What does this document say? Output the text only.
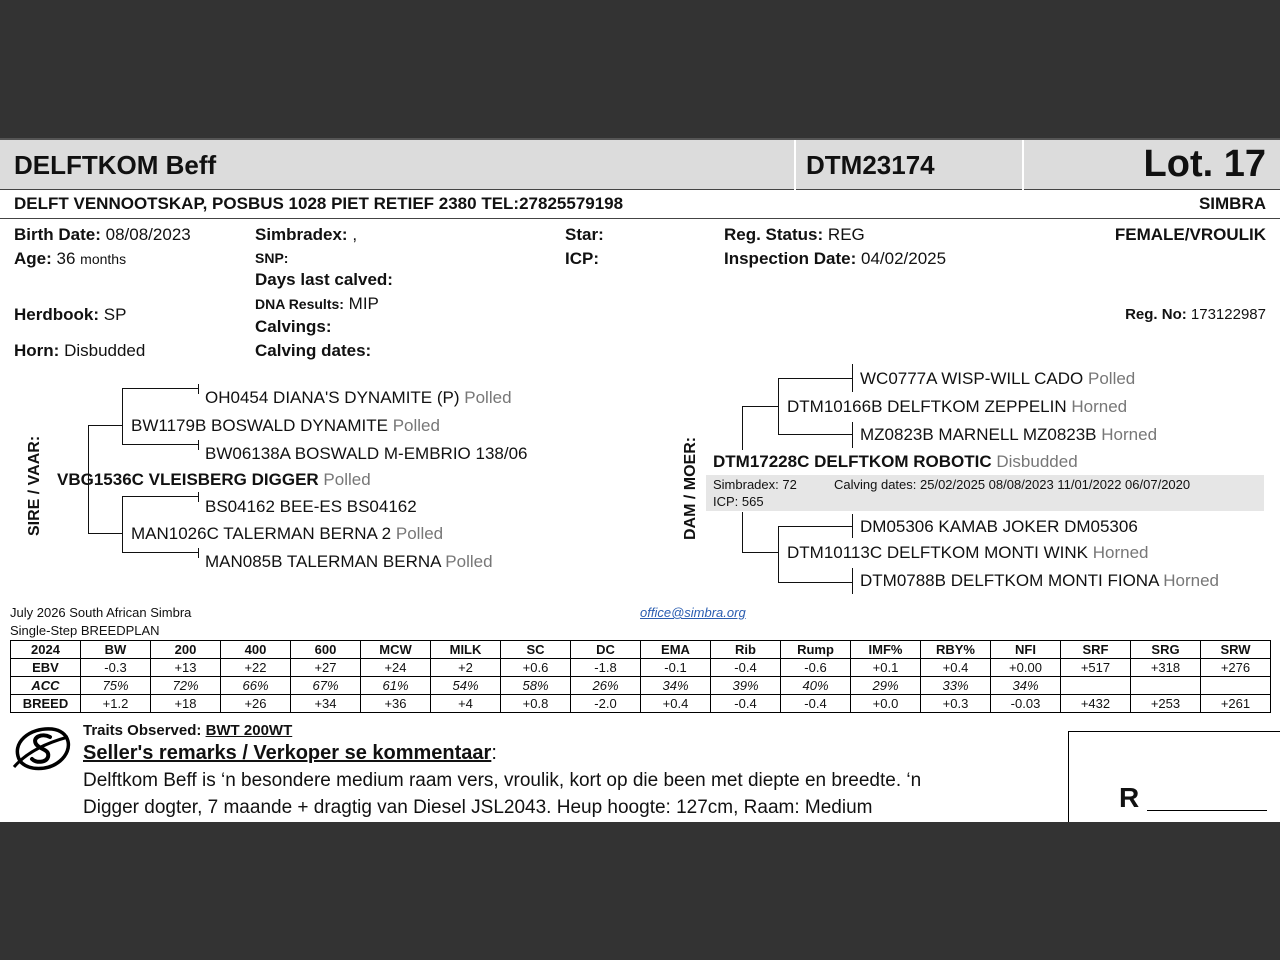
DELFTKOM Beff	DTM23174	Lot. 17
DELFT VENNOOTSKAP, POSBUS 1028 PIET RETIEF 2380 TEL:27825579198	SIMBRA
Birth Date: 08/08/2023
Age: 36 months
Herdbook: SP
Horn: Disbudded
Simbradex: ,
SNP:
Days last calved:
DNA Results: MIP
Calvings:
Calving dates:
Star:
ICP:
Reg. Status: REG
Inspection Date: 04/02/2025
FEMALE/VROULIK
Reg. No: 173122987
SIRE / VAAR:
OH0454 DIANA'S DYNAMITE (P) Polled
BW1179B BOSWALD DYNAMITE Polled
BW06138A BOSWALD M-EMBRIO 138/06
VBG1536C VLEISBERG DIGGER Polled
BS04162 BEE-ES BS04162
MAN1026C TALERMAN BERNA 2 Polled
MAN085B TALERMAN BERNA Polled
DAM / MOER:
WC0777A WISP-WILL CADO Polled
DTM10166B DELFTKOM ZEPPELIN Horned
MZ0823B MARNELL MZ0823B Horned
DTM17228C DELFTKOM ROBOTIC Disbudded
Simbradex: 72	Calving dates: 25/02/2025 08/08/2023 11/01/2022 06/07/2020
ICP: 565
DM05306 KAMAB JOKER DM05306
DTM10113C DELFTKOM MONTI WINK Horned
DTM0788B DELFTKOM MONTI FIONA Horned
July 2026 South African Simbra
Single-Step BREEDPLAN
office@simbra.org
2024	BW	200	400	600	MCW	MILK	SC	DC	EMA	Rib	Rump	IMF%	RBY%	NFI	SRF	SRG	SRW
EBV	-0.3	+13	+22	+27	+24	+2	+0.6	-1.8	-0.1	-0.4	-0.6	+0.1	+0.4	+0.00	+517	+318	+276
ACC	75%	72%	66%	67%	61%	54%	58%	26%	34%	39%	40%	29%	33%	34%			
BREED	+1.2	+18	+26	+34	+36	+4	+0.8	-2.0	+0.4	-0.4	-0.4	+0.0	+0.3	-0.03	+432	+253	+261
Traits Observed: BWT 200WT
Seller's remarks / Verkoper se kommentaar:
Delftkom Beff is ‘n besondere medium raam vers, vroulik, kort op die been met diepte en breedte. ‘n
Digger dogter, 7 maande + dragtig van Diesel JSL2043. Heup hoogte: 127cm, Raam: Medium	R
